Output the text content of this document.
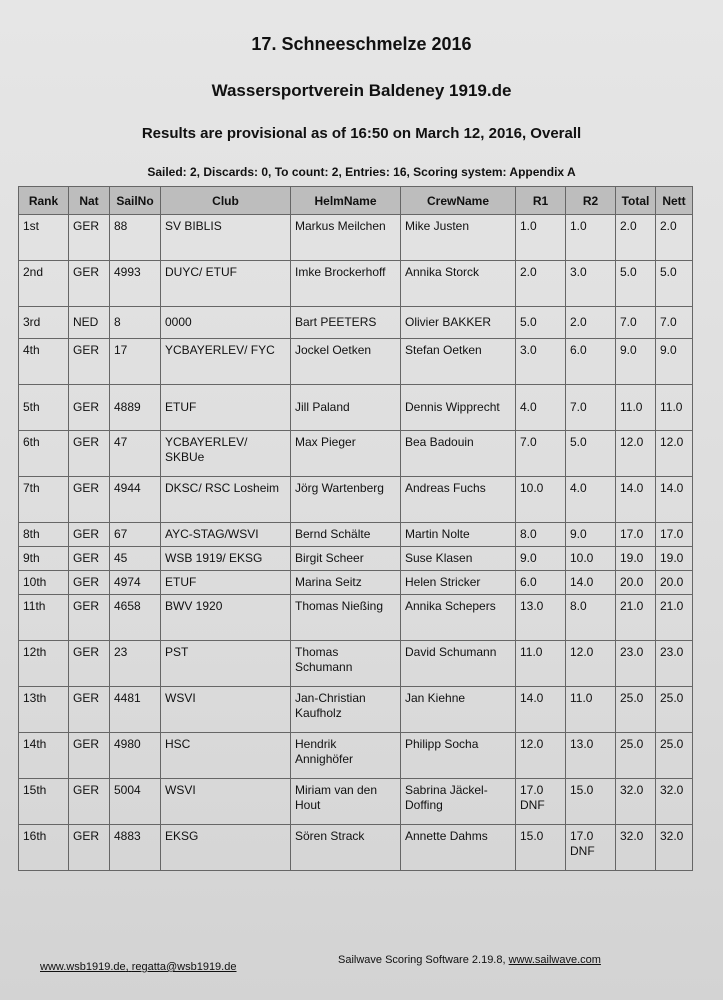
17. Schneeschmelze 2016
Wassersportverein Baldeney 1919.de
Results are provisional as of 16:50 on March 12, 2016, Overall
Sailed: 2, Discards: 0, To count: 2, Entries: 16, Scoring system: Appendix A
Rank	Nat	SailNo	Club	HelmName	CrewName	R1	R2	Total	Nett
1st	GER	88	SV BIBLIS	Markus Meilchen	Mike Justen	1.0	1.0	2.0	2.0
2nd	GER	4993	DUYC/ ETUF	Imke Brockerhoff	Annika Storck	2.0	3.0	5.0	5.0
3rd	NED	8	0000	Bart PEETERS	Olivier BAKKER	5.0	2.0	7.0	7.0
4th	GER	17	YCBAYERLEV/ FYC	Jockel Oetken	Stefan Oetken	3.0	6.0	9.0	9.0
5th	GER	4889	ETUF	Jill Paland	Dennis Wipprecht	4.0	7.0	11.0	11.0
6th	GER	47	YCBAYERLEV/ SKBUe	Max Pieger	Bea Badouin	7.0	5.0	12.0	12.0
7th	GER	4944	DKSC/ RSC Losheim	Jörg Wartenberg	Andreas Fuchs	10.0	4.0	14.0	14.0
8th	GER	67	AYC-STAG/WSVI	Bernd Schälte	Martin Nolte	8.0	9.0	17.0	17.0
9th	GER	45	WSB 1919/ EKSG	Birgit Scheer	Suse Klasen	9.0	10.0	19.0	19.0
10th	GER	4974	ETUF	Marina Seitz	Helen Stricker	6.0	14.0	20.0	20.0
11th	GER	4658	BWV 1920	Thomas Nießing	Annika Schepers	13.0	8.0	21.0	21.0
12th	GER	23	PST	Thomas Schumann	David Schumann	11.0	12.0	23.0	23.0
13th	GER	4481	WSVI	Jan-Christian Kaufholz	Jan Kiehne	14.0	11.0	25.0	25.0
14th	GER	4980	HSC	Hendrik Annighöfer	Philipp Socha	12.0	13.0	25.0	25.0
15th	GER	5004	WSVI	Miriam van den Hout	Sabrina Jäckel-Doffing	17.0 DNF	15.0	32.0	32.0
16th	GER	4883	EKSG	Sören Strack	Annette Dahms	15.0	17.0 DNF	32.0	32.0
www.wsb1919.de, regatta@wsb1919.de
Sailwave Scoring Software 2.19.8, www.sailwave.com
